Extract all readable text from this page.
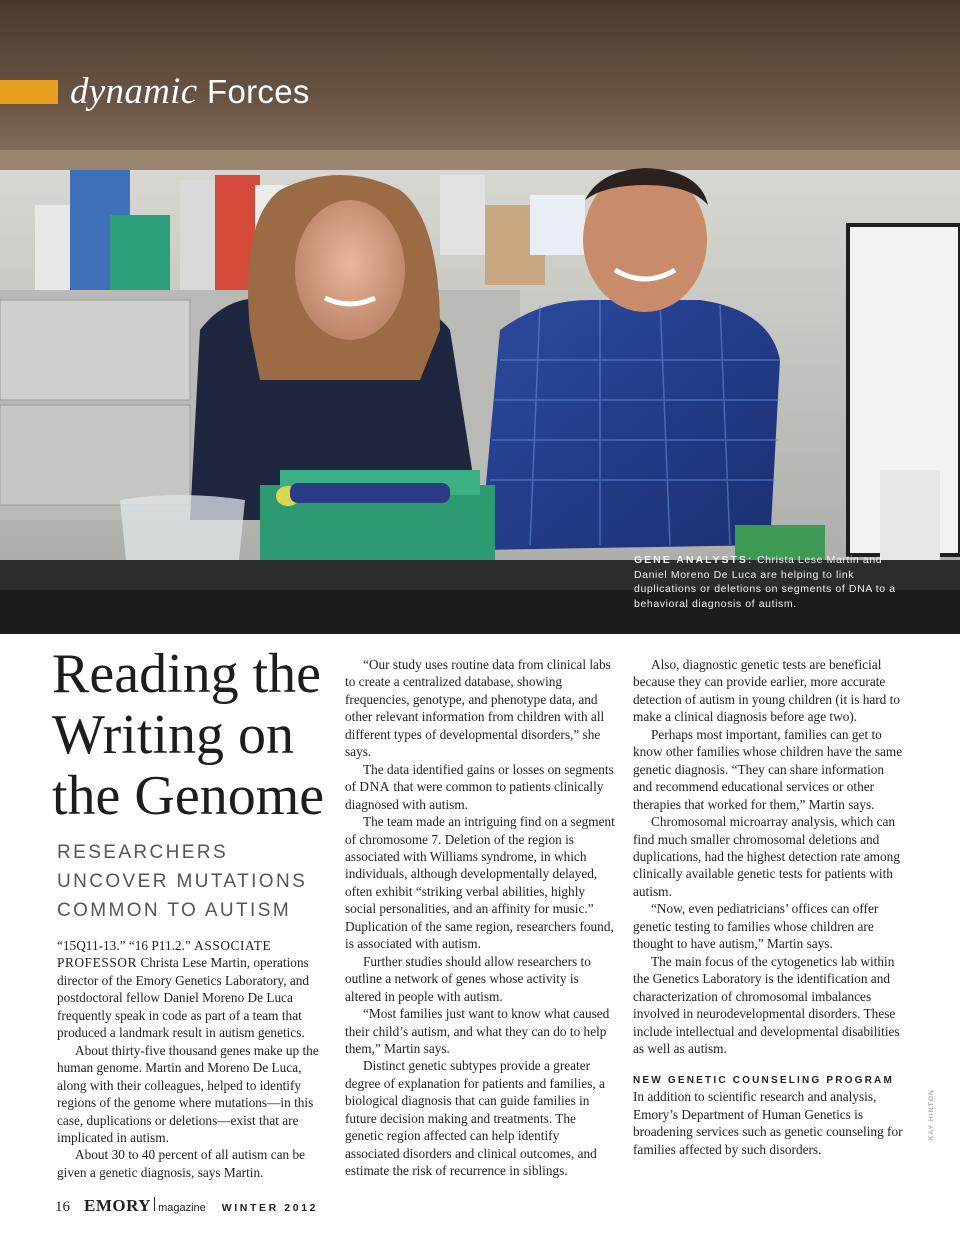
dynamic Forces
GENE ANALYSTS: Christa Lese Martin and Daniel Moreno De Luca are helping to link duplications or deletions on segments of DNA to a behavioral diagnosis of autism.
Reading the
Writing on
the Genome
RESEARCHERS UNCOVER MUTATIONS COMMON TO AUTISM

“15Q11-13.” “16 P11.2.” ASSOCIATE PROFESSOR Christa Lese Martin, operations director of the Emory Genetics Laboratory, and postdoctoral fellow Daniel Moreno De Luca frequently speak in code as part of a team that produced a landmark result in autism genetics.

About thirty-five thousand genes make up the human genome. Martin and Moreno De Luca, along with their colleagues, helped to identify regions of the genome where mutations—in this case, duplications or deletions—exist that are implicated in autism.

About 30 to 40 percent of all autism can be given a genetic diagnosis, says Martin.

“Our study uses routine data from clinical labs to create a centralized database, showing frequencies, genotype, and phenotype data, and other relevant information from children with all different types of developmental disorders,” she says.

The data identified gains or losses on segments of DNA that were common to patients clinically diagnosed with autism.

The team made an intriguing find on a segment of chromosome 7. Deletion of the region is associated with Williams syndrome, in which individuals, although developmentally delayed, often exhibit “striking verbal abilities, highly social personalities, and an affinity for music.” Duplication of the same region, researchers found, is associated with autism.

Further studies should allow researchers to outline a network of genes whose activity is altered in people with autism.

“Most families just want to know what caused their child’s autism, and what they can do to help them,” Martin says.

Distinct genetic subtypes provide a greater degree of explanation for patients and families, a biological diagnosis that can guide families in future decision making and treatments. The genetic region affected can help identify associated disorders and clinical outcomes, and estimate the risk of recurrence in siblings.

Also, diagnostic genetic tests are beneficial because they can provide earlier, more accurate detection of autism in young children (it is hard to make a clinical diagnosis before age two).

Perhaps most important, families can get to know other families whose children have the same genetic diagnosis. “They can share information and recommend educational services or other therapies that worked for them,” Martin says.

Chromosomal microarray analysis, which can find much smaller chromosomal deletions and duplications, had the highest detection rate among clinically available genetic tests for patients with autism.

“Now, even pediatricians’ offices can offer genetic testing to families whose children are thought to have autism,” Martin says.

The main focus of the cytogenetics lab within the Genetics Laboratory is the identification and characterization of chromosomal imbalances involved in neurodevelopmental disorders. These include intellectual and developmental disabilities as well as autism.

NEW GENETIC COUNSELING PROGRAM

In addition to scientific research and analysis, Emory’s Department of Human Genetics is broadening services such as genetic counseling for families affected by such disorders.

KAY HINTON
16 EMORY magazine WINTER 2012
